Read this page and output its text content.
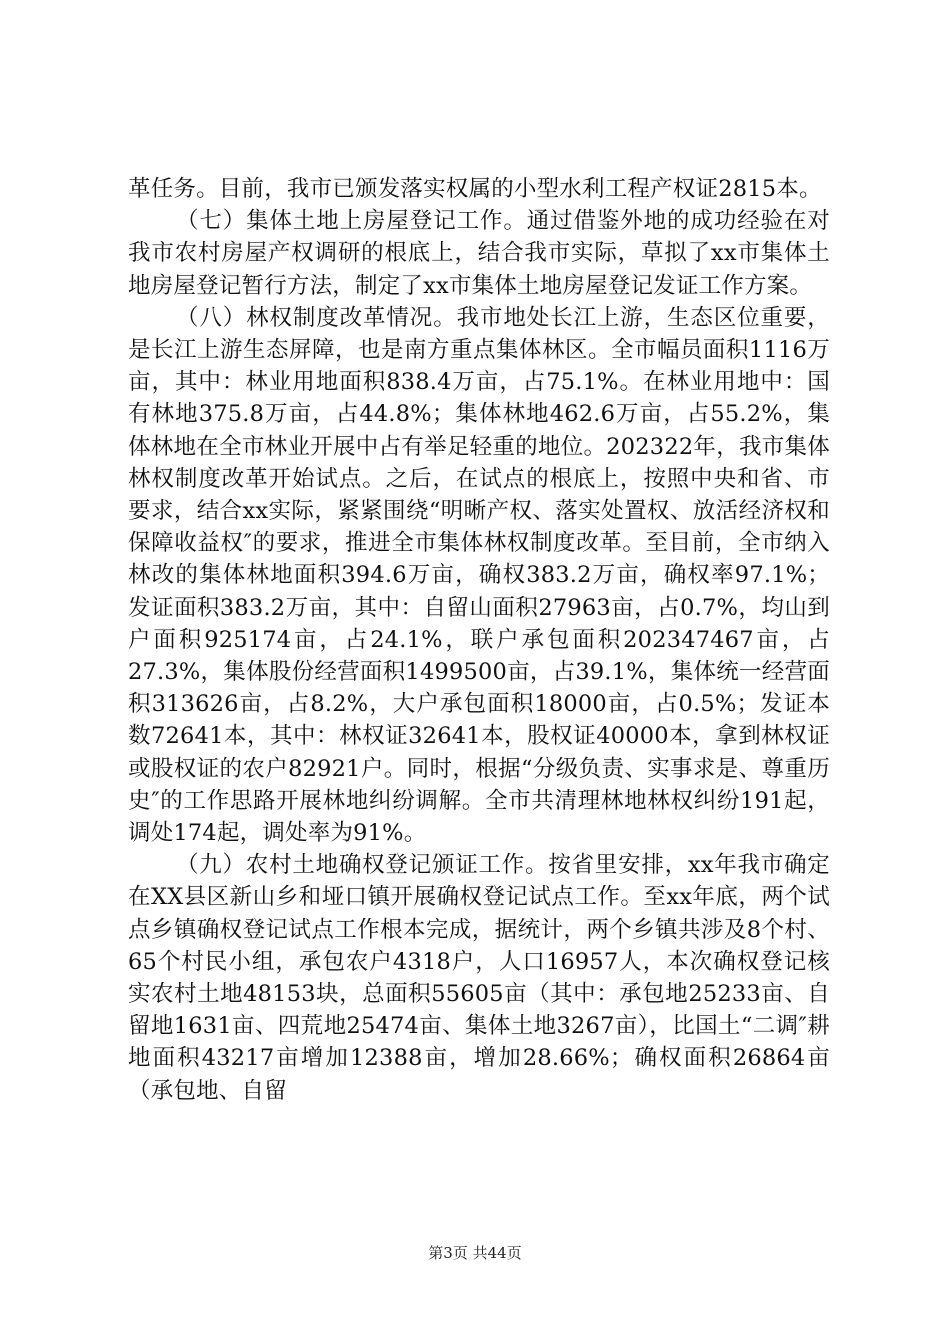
革任务。目前，我市已颁发落实权属的小型水利工程产权证2815本。

（七）集体土地上房屋登记工作。通过借鉴外地的成功经验在对我市农村房屋产权调研的根底上，结合我市实际，草拟了xx市集体土地房屋登记暂行方法，制定了xx市集体土地房屋登记发证工作方案。

（八）林权制度改革情况。我市地处长江上游，生态区位重要，是长江上游生态屏障，也是南方重点集体林区。全市幅员面积1116万亩，其中：林业用地面积838.4万亩，占75.1%。在林业用地中：国有林地375.8万亩，占44.8%；集体林地462.6万亩，占55.2%，集体林地在全市林业开展中占有举足轻重的地位。202322年，我市集体林权制度改革开始试点。之后，在试点的根底上，按照中央和省、市要求，结合xx实际，紧紧围绕“明晰产权、落实处置权、放活经济权和保障收益权″的要求，推进全市集体林权制度改革。至目前，全市纳入林改的集体林地面积394.6万亩，确权383.2万亩，确权率97.1%；发证面积383.2万亩，其中：自留山面积27963亩，占0.7%，均山到户面积925174亩，占24.1%，联户承包面积202347467亩，占27.3%，集体股份经营面积1499500亩，占39.1%，集体统一经营面积313626亩，占8.2%，大户承包面积18000亩，占0.5%；发证本数72641本，其中：林权证32641本，股权证40000本，拿到林权证或股权证的农户82921户。同时，根据“分级负责、实事求是、尊重历史″的工作思路开展林地纠纷调解。全市共清理林地林权纠纷191起，调处174起，调处率为91%。

（九）农村土地确权登记颁证工作。按省里安排，xx年我市确定在XX县区新山乡和垭口镇开展确权登记试点工作。至xx年底，两个试点乡镇确权登记试点工作根本完成，据统计，两个乡镇共涉及8个村、65个村民小组，承包农户4318户，人口16957人，本次确权登记核实农村土地48153块，总面积55605亩（其中：承包地25233亩、自留地1631亩、四荒地25474亩、集体土地3267亩），比国土“二调″耕地面积43217亩增加12388亩，增加28.66%；确权面积26864亩（承包地、自留

第3页 共44页
